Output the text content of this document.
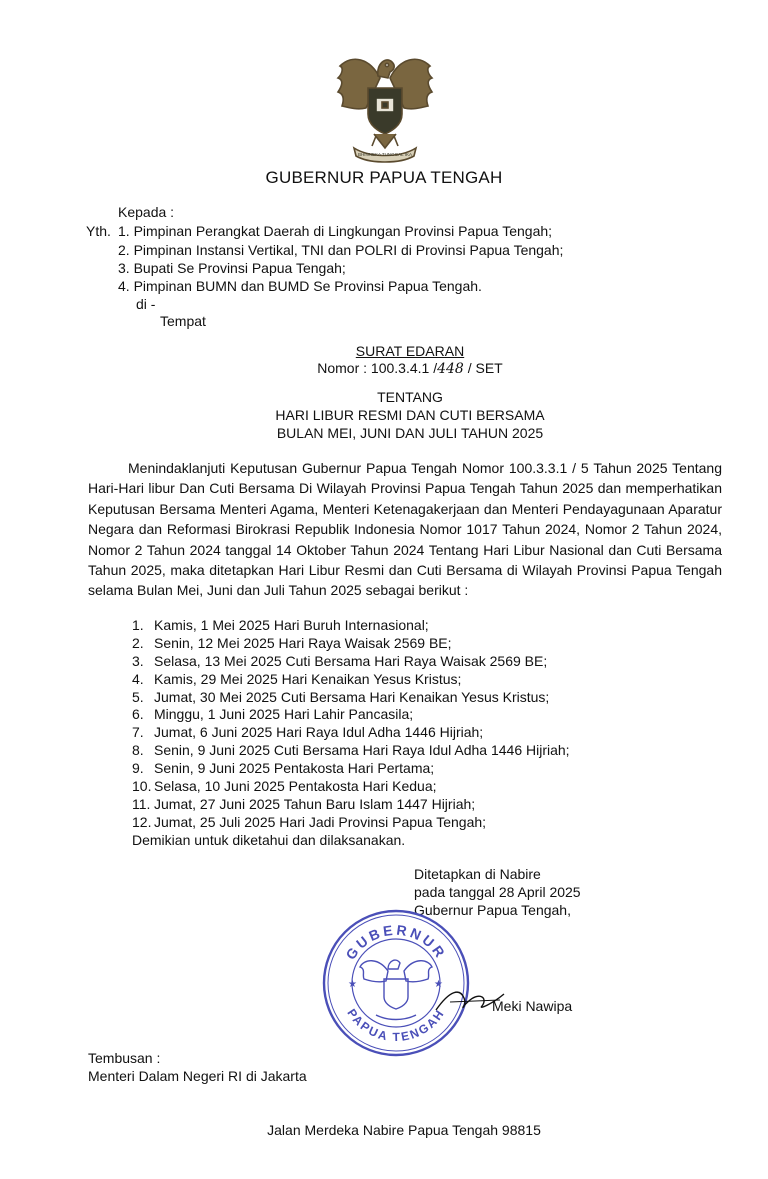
BHINNEKA TUNGGAL IKA
GUBERNUR PAPUA TENGAH
Kepada :
Yth. 1. Pimpinan Perangkat Daerah di Lingkungan Provinsi Papua Tengah;
2. Pimpinan Instansi Vertikal, TNI dan POLRI di Provinsi Papua Tengah;
3. Bupati Se Provinsi Papua Tengah;
4. Pimpinan BUMN dan BUMD Se Provinsi Papua Tengah.
di -
Tempat
SURAT EDARAN
Nomor : 100.3.4.1 /448 / SET
TENTANG
HARI LIBUR RESMI DAN CUTI BERSAMA
BULAN MEI, JUNI DAN JULI TAHUN 2025
Menindaklanjuti Keputusan Gubernur Papua Tengah Nomor 100.3.3.1 / 5 Tahun 2025 Tentang Hari-Hari libur Dan Cuti Bersama Di Wilayah Provinsi Papua Tengah Tahun 2025 dan memperhatikan Keputusan Bersama Menteri Agama, Menteri Ketenagakerjaan dan Menteri Pendayagunaan Aparatur Negara dan Reformasi Birokrasi Republik Indonesia Nomor 1017 Tahun 2024, Nomor 2 Tahun 2024, Nomor 2 Tahun 2024 tanggal 14 Oktober Tahun 2024 Tentang Hari Libur Nasional dan Cuti Bersama Tahun 2025, maka ditetapkan Hari Libur Resmi dan Cuti Bersama di Wilayah Provinsi Papua Tengah selama Bulan Mei, Juni dan Juli Tahun 2025 sebagai berikut :
1. Kamis, 1 Mei 2025 Hari Buruh Internasional;
2. Senin, 12 Mei 2025 Hari Raya Waisak 2569 BE;
3. Selasa, 13 Mei 2025 Cuti Bersama Hari Raya Waisak 2569 BE;
4. Kamis, 29 Mei 2025 Hari Kenaikan Yesus Kristus;
5. Jumat, 30 Mei 2025 Cuti Bersama Hari Kenaikan Yesus Kristus;
6. Minggu, 1 Juni 2025 Hari Lahir Pancasila;
7. Jumat, 6 Juni 2025 Hari Raya Idul Adha 1446 Hijriah;
8. Senin, 9 Juni 2025 Cuti Bersama Hari Raya Idul Adha 1446 Hijriah;
9. Senin, 9 Juni 2025 Pentakosta Hari Pertama;
10. Selasa, 10 Juni 2025 Pentakosta Hari Kedua;
11. Jumat, 27 Juni 2025 Tahun Baru Islam 1447 Hijriah;
12. Jumat, 25 Juli 2025 Hari Jadi Provinsi Papua Tengah;
Demikian untuk diketahui dan dilaksanakan.
Ditetapkan di Nabire
pada tanggal 28 April 2025
Gubernur Papua Tengah,
GUBERNUR
PAPUA TENGAH
★	★
Meki Nawipa
Tembusan :
Menteri Dalam Negeri RI di Jakarta
Jalan Merdeka Nabire Papua Tengah 98815
